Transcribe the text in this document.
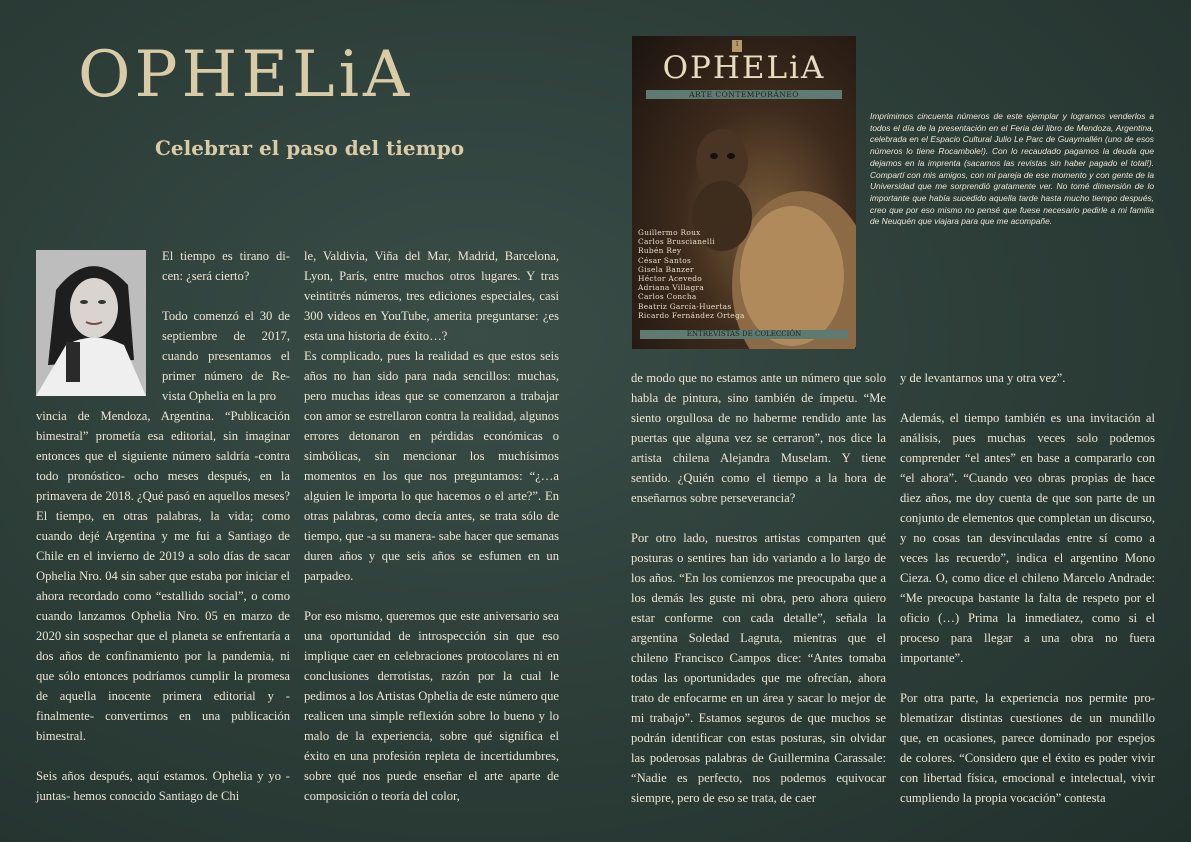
OPHELiA
Celebrar el paso del tiempo

El tiempo es tirano dicen: ¿será cierto?

Todo comenzó el 30 de septiembre de 2017, cuando presentamos el primer número de Revista Ophelia en la pro

vincia de Mendoza, Argentina. “Publicación bimestral” prometía esa editorial, sin imaginar entonces que el siguiente número saldría -contra todo pronóstico- ocho meses después, en la primavera de 2018. ¿Qué pasó en aquellos meses? El tiempo, en otras palabras, la vida; como cuando dejé Argentina y me fui a Santiago de Chile en el invierno de 2019 a solo días de sacar Ophelia Nro. 04 sin saber que estaba por iniciar el ahora recordado como “estallido social”, o como cuando lanzamos Ophelia Nro. 05 en marzo de 2020 sin sospechar que el planeta se enfrentaría a dos años de confinamiento por la pandemia, ni que sólo entonces podríamos cumplir la promesa de aquella inocente primera editorial y -finalmente- convertirnos en una publicación bimestral.

Seis años después, aquí estamos. Ophelia y yo -juntas- hemos conocido Santiago de Chi

le, Valdivia, Viña del Mar, Madrid, Barcelona, Lyon, París, entre muchos otros lugares. Y tras veintitrés números, tres ediciones especiales, casi 300 videos en YouTube, amerita preguntarse: ¿es esta una historia de éxito…?

Es complicado, pues la realidad es que estos seis años no han sido para nada sencillos: muchas, pero muchas ideas que se comenzaron a trabajar con amor se estrellaron contra la realidad, algunos errores detonaron en pérdidas económicas o simbólicas, sin mencionar los muchísimos momentos en los que nos preguntamos: “¿…a alguien le importa lo que hacemos o el arte?”. En otras palabras, como decía antes, se trata sólo de tiempo, que -a su manera- sabe hacer que semanas duren años y que seis años se esfumen en un parpadeo.

Por eso mismo, queremos que este aniversario sea una oportunidad de introspección sin que eso implique caer en celebraciones protocolares ni en conclusiones derrotistas, razón por la cual le pedimos a los Artistas Ophelia de este número que realicen una simple reflexión sobre lo bueno y lo malo de la experiencia, sobre qué significa el éxito en una profesión repleta de incertidumbres, sobre qué nos puede enseñar el arte aparte de composición o teoría del color,

1
OPHELiA
ARTE CONTEMPORÁNEO
Guillermo Roux
Carlos Bruscianelli
Rubén Rey
César Santos
Gisela Banzer
Héctor Acevedo
Adriana Villagra
Carlos Concha
Beatriz García-Huertas
Ricardo Fernández Ortega
ENTREVISTAS DE COLECCIÓN
Imprimimos cincuenta números de este ejemplar y logramos venderlos a todos el día de la presentación en el Feria del libro de Mendoza, Argentina, celebrada en el Espacio Cultural Julio Le Parc de Guaymallén (uno de esos números lo tiene Rocambole!). Con lo recaudado pagamos la deuda que dejamos en la imprenta (sacamos las revistas sin haber pagado el total!). Compartí con mis amigos, con mi pareja de ese momento y con gente de la Universidad que me sorprendió gratamente ver. No tomé dimensión de lo importante que había sucedido aquella tarde hasta mucho tiempo después, creo que por eso mismo no pensé que fuese necesario pedirle a mi familia de Neuquén que viajara para que me acompañe.

de modo que no estamos ante un número que solo habla de pintura, sino también de ímpetu. “Me siento orgullosa de no haberme rendido ante las puertas que alguna vez se cerraron”, nos dice la artista chilena Alejandra Muselam. Y tiene sentido. ¿Quién como el tiempo a la hora de enseñarnos sobre perseverancia?

Por otro lado, nuestros artistas comparten qué posturas o sentires han ido variando a lo largo de los años. “En los comienzos me preocupaba que a los demás les guste mi obra, pero ahora quiero estar conforme con cada detalle”, señala la argentina Soledad Lagruta, mientras que el chileno Francisco Campos dice: “Antes tomaba todas las oportunidades que me ofrecían, ahora trato de enfocarme en un área y sacar lo mejor de mi trabajo”. Estamos seguros de que muchos se podrán identificar con estas posturas, sin olvidar las poderosas palabras de Guillermina Carassale: “Nadie es perfecto, nos podemos equivocar siempre, pero de eso se trata, de caer

y de levantarnos una y otra vez”.

Además, el tiempo también es una invitación al análisis, pues muchas veces solo podemos comprender “el antes” en base a compararlo con “el ahora”. “Cuando veo obras propias de hace diez años, me doy cuenta de que son parte de un conjunto de elementos que completan un discurso, y no cosas tan desvinculadas entre sí como a veces las recuerdo”, indica el argentino Mono Cieza. O, como dice el chileno Marcelo Andrade: “Me preocupa bastante la falta de respeto por el oficio (…) Prima la inmediatez, como si el proceso para llegar a una obra no fuera importante”.

Por otra parte, la experiencia nos permite problematizar distintas cuestiones de un mundillo que, en ocasiones, parece dominado por espejos de colores. “Considero que el éxito es poder vivir con libertad física, emocional e intelectual, vivir cumpliendo la propia vocación” contesta
